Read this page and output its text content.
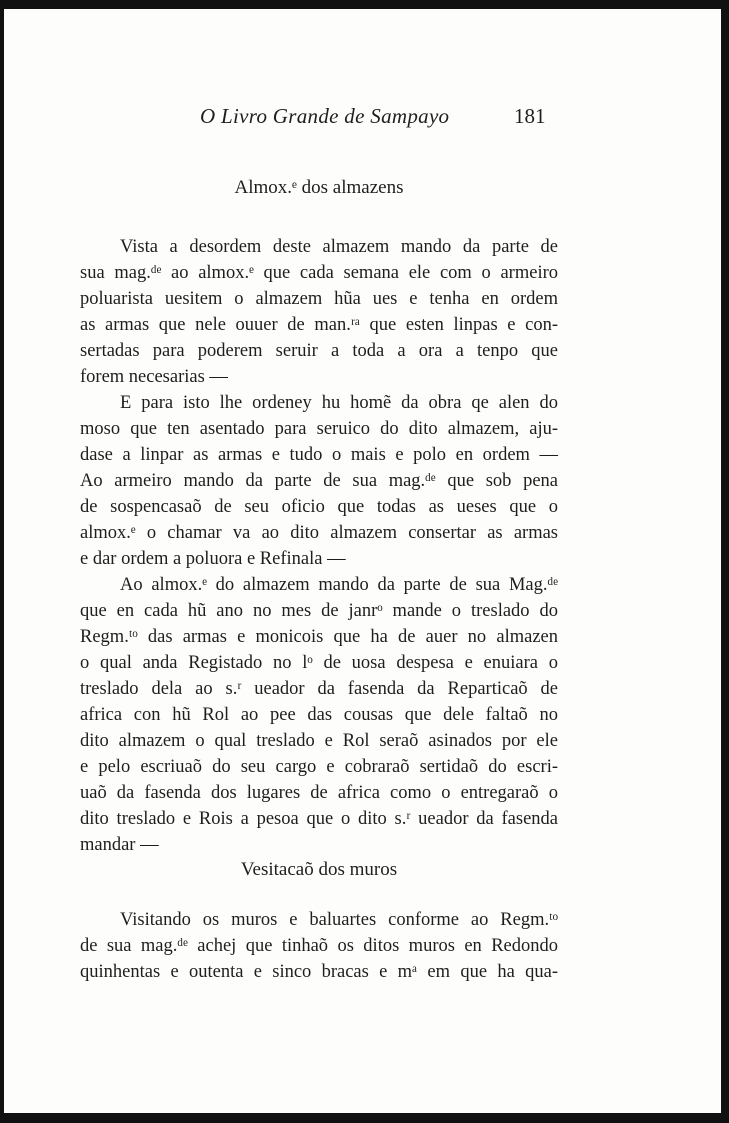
O Livro Grande de Sampayo	181
Almox.ᵉ dos almazens
Vista a desordem deste almazem mando da parte de
sua mag.ᵈᵉ ao almox.ᵉ que cada semana ele com o armeiro
poluarista uesitem o almazem hũa ues e tenha en ordem
as armas que nele ouuer de man.ʳᵃ que esten linpas e con-
sertadas para poderem seruir a toda a ora a tenpo que
forem necesarias —
E para isto lhe ordeney hu homẽ da obra qe alen do
moso que ten asentado para seruico do dito almazem, aju-
dase a linpar as armas e tudo o mais e polo en ordem —
Ao armeiro mando da parte de sua mag.ᵈᵉ que sob pena
de sospencasaõ de seu oficio que todas as ueses que o
almox.ᵉ o chamar va ao dito almazem consertar as armas
e dar ordem a poluora e Refinala —
Ao almox.ᵉ do almazem mando da parte de sua Mag.ᵈᵉ
que en cada hũ ano no mes de janrᵒ mande o treslado do
Regm.ᵗᵒ das armas e monicois que ha de auer no almazen
o qual anda Registado no lᵒ de uosa despesa e enuiara o
treslado dela ao s.ʳ ueador da fasenda da Reparticaõ de
africa con hũ Rol ao pee das cousas que dele faltaõ no
dito almazem o qual treslado e Rol seraõ asinados por ele
e pelo escriuaõ do seu cargo e cobraraõ sertidaõ do escri-
uaõ da fasenda dos lugares de africa como o entregaraõ o
dito treslado e Rois a pesoa que o dito s.ʳ ueador da fasenda
mandar —
Vesitacaõ dos muros
Visitando os muros e baluartes conforme ao Regm.ᵗᵒ
de sua mag.ᵈᵉ achej que tinhaõ os ditos muros en Redondo
quinhentas e outenta e sinco bracas e mᵃ em que ha qua-
